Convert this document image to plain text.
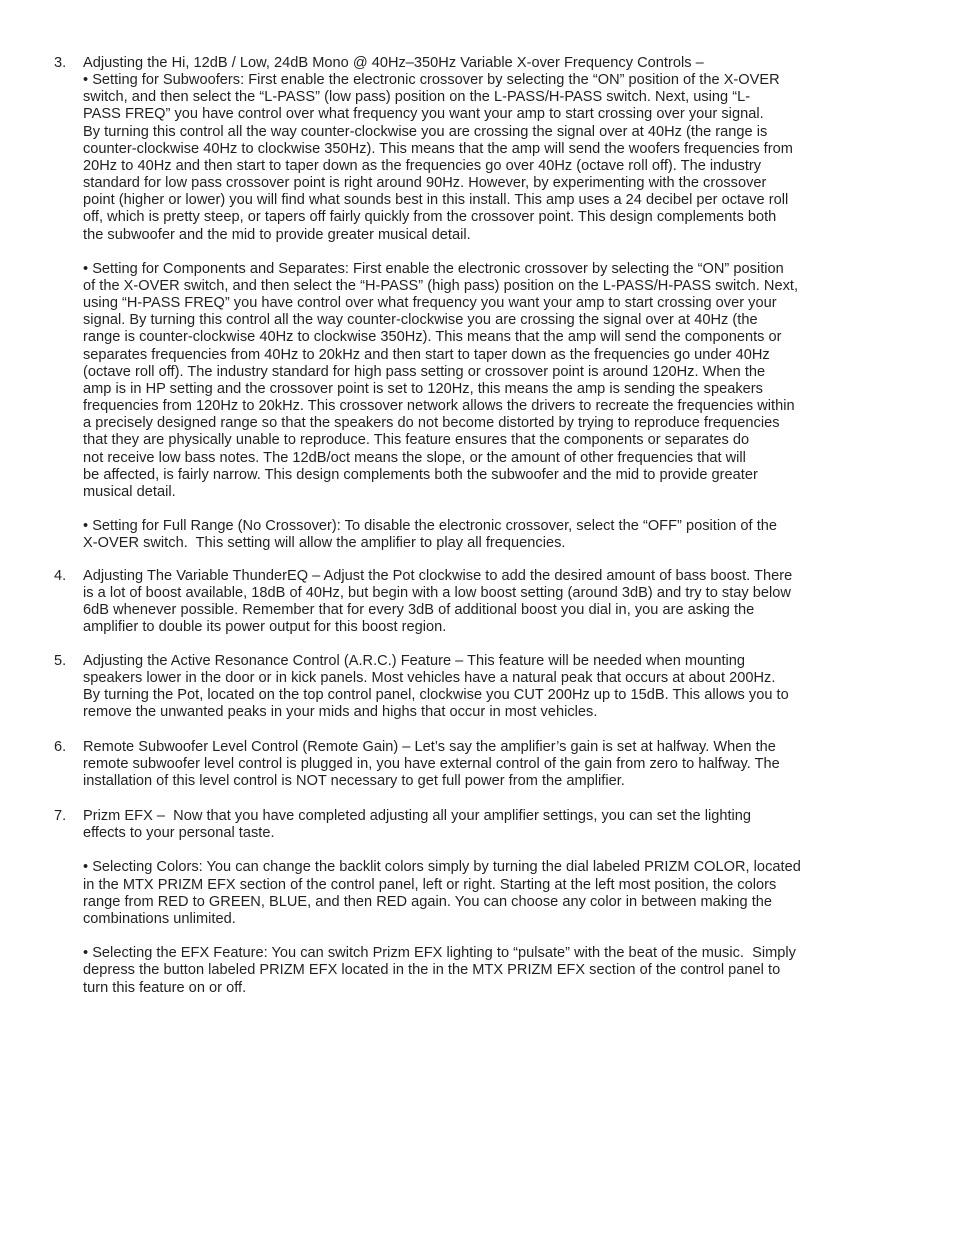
3. Adjusting the Hi, 12dB / Low, 24dB Mono @ 40Hz–350Hz Variable X-over Frequency Controls –
• Setting for Subwoofers: First enable the electronic crossover by selecting the “ON” position of the X-OVER
switch, and then select the “L-PASS” (low pass) position on the L-PASS/H-PASS switch. Next, using “L-
PASS FREQ” you have control over what frequency you want your amp to start crossing over your signal.
By turning this control all the way counter-clockwise you are crossing the signal over at 40Hz (the range is
counter-clockwise 40Hz to clockwise 350Hz). This means that the amp will send the woofers frequencies from
20Hz to 40Hz and then start to taper down as the frequencies go over 40Hz (octave roll off). The industry
standard for low pass crossover point is right around 90Hz. However, by experimenting with the crossover
point (higher or lower) you will find what sounds best in this install. This amp uses a 24 decibel per octave roll
off, which is pretty steep, or tapers off fairly quickly from the crossover point. This design complements both
the subwoofer and the mid to provide greater musical detail.
• Setting for Components and Separates: First enable the electronic crossover by selecting the “ON” position
of the X-OVER switch, and then select the “H-PASS” (high pass) position on the L-PASS/H-PASS switch. Next,
using “H-PASS FREQ” you have control over what frequency you want your amp to start crossing over your
signal. By turning this control all the way counter-clockwise you are crossing the signal over at 40Hz (the
range is counter-clockwise 40Hz to clockwise 350Hz). This means that the amp will send the components or
separates frequencies from 40Hz to 20kHz and then start to taper down as the frequencies go under 40Hz
(octave roll off). The industry standard for high pass setting or crossover point is around 120Hz. When the
amp is in HP setting and the crossover point is set to 120Hz, this means the amp is sending the speakers
frequencies from 120Hz to 20kHz. This crossover network allows the drivers to recreate the frequencies within
a precisely designed range so that the speakers do not become distorted by trying to reproduce frequencies
that they are physically unable to reproduce. This feature ensures that the components or separates do
not receive low bass notes. The 12dB/oct means the slope, or the amount of other frequencies that will
be affected, is fairly narrow. This design complements both the subwoofer and the mid to provide greater
musical detail.
• Setting for Full Range (No Crossover): To disable the electronic crossover, select the “OFF” position of the
X-OVER switch.  This setting will allow the amplifier to play all frequencies.
4. Adjusting The Variable ThunderEQ – Adjust the Pot clockwise to add the desired amount of bass boost. There
is a lot of boost available, 18dB of 40Hz, but begin with a low boost setting (around 3dB) and try to stay below
6dB whenever possible. Remember that for every 3dB of additional boost you dial in, you are asking the
amplifier to double its power output for this boost region.
5. Adjusting the Active Resonance Control (A.R.C.) Feature – This feature will be needed when mounting
speakers lower in the door or in kick panels. Most vehicles have a natural peak that occurs at about 200Hz.
By turning the Pot, located on the top control panel, clockwise you CUT 200Hz up to 15dB. This allows you to
remove the unwanted peaks in your mids and highs that occur in most vehicles.
6. Remote Subwoofer Level Control (Remote Gain) – Let’s say the amplifier’s gain is set at halfway. When the
remote subwoofer level control is plugged in, you have external control of the gain from zero to halfway. The
installation of this level control is NOT necessary to get full power from the amplifier.
7. Prizm EFX –  Now that you have completed adjusting all your amplifier settings, you can set the lighting
effects to your personal taste.
• Selecting Colors: You can change the backlit colors simply by turning the dial labeled PRIZM COLOR, located
in the MTX PRIZM EFX section of the control panel, left or right. Starting at the left most position, the colors
range from RED to GREEN, BLUE, and then RED again. You can choose any color in between making the
combinations unlimited.
• Selecting the EFX Feature: You can switch Prizm EFX lighting to “pulsate” with the beat of the music.  Simply
depress the button labeled PRIZM EFX located in the in the MTX PRIZM EFX section of the control panel to
turn this feature on or off.
